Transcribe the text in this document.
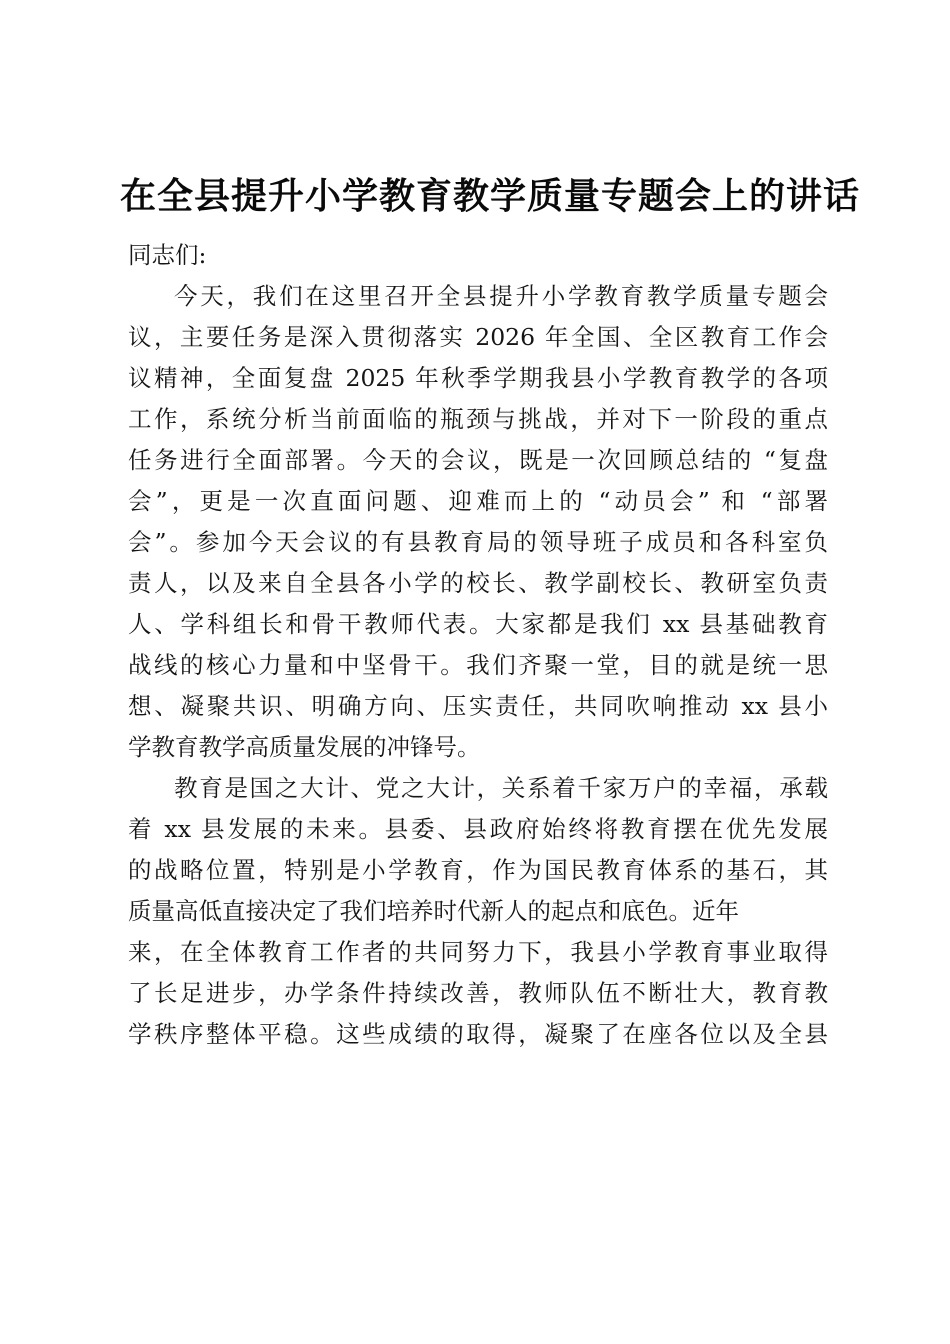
在全县提升小学教育教学质量专题会上的讲话
同志们:
今天，我们在这里召开全县提升小学教育教学质量专题会
议，主要任务是深入贯彻落实 2026 年全国、全区教育工作会
议精神，全面复盘 2025 年秋季学期我县小学教育教学的各项
工作，系统分析当前面临的瓶颈与挑战，并对下一阶段的重点
任务进行全面部署。今天的会议，既是一次回顾总结的 “复盘
会”，更是一次直面问题、迎难而上的 “动员会” 和 “部署
会”。参加今天会议的有县教育局的领导班子成员和各科室负
责人，以及来自全县各小学的校长、教学副校长、教研室负责
人、学科组长和骨干教师代表。大家都是我们 xx 县基础教育
战线的核心力量和中坚骨干。我们齐聚一堂，目的就是统一思
想、凝聚共识、明确方向、压实责任，共同吹响推动 xx 县小
学教育教学高质量发展的冲锋号。
教育是国之大计、党之大计，关系着千家万户的幸福，承载
着 xx 县发展的未来。县委、县政府始终将教育摆在优先发展
的战略位置，特别是小学教育，作为国民教育体系的基石，其
质量高低直接决定了我们培养时代新人的起点和底色。近年
来，在全体教育工作者的共同努力下，我县小学教育事业取得
了长足进步，办学条件持续改善，教师队伍不断壮大，教育教
学秩序整体平稳。这些成绩的取得，凝聚了在座各位以及全县
